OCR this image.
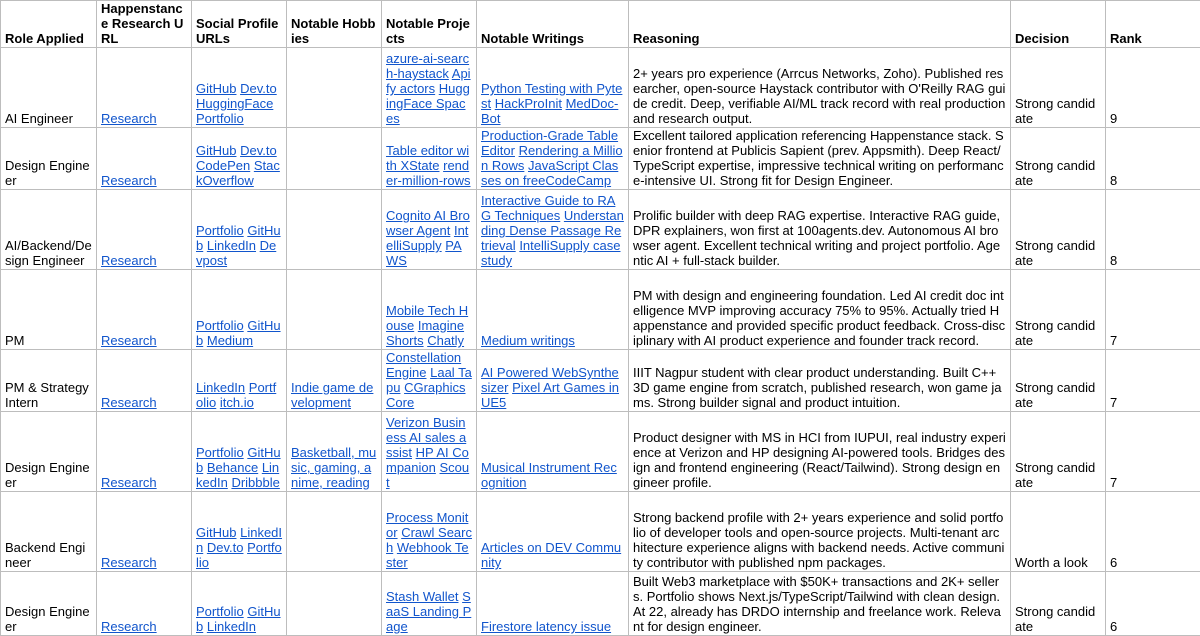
Role Applied	Happenstance Research URL	Social Profile URLs	Notable Hobbies	Notable Projects	Notable Writings	Reasoning	Decision	Rank
AI Engineer	Research	GitHub Dev.to HuggingFace Portfolio		azure-ai-search-haystack Apify actors HuggingFace Spaces	Python Testing with Pytest HackProInit MedDoc-Bot	2+ years pro experience (Arrcus Networks, Zoho). Published researcher, open-source Haystack contributor with O'Reilly RAG guide credit. Deep, verifiable AI/ML track record with real production and research output.	Strong candidate	9
Design Engineer	Research	GitHub Dev.to CodePen StackOverflow		Table editor with XState render-million-rows	Production-Grade Table Editor Rendering a Million Rows JavaScript Classes on freeCodeCamp	Excellent tailored application referencing Happenstance stack. Senior frontend at Publicis Sapient (prev. Appsmith). Deep React/TypeScript expertise, impressive technical writing on performance-intensive UI. Strong fit for Design Engineer.	Strong candidate	8
AI/Backend/Design Engineer	Research	Portfolio GitHub LinkedIn Devpost		Cognito AI Browser Agent IntelliSupply PAWS	Interactive Guide to RAG Techniques Understanding Dense Passage Retrieval IntelliSupply case study	Prolific builder with deep RAG expertise. Interactive RAG guide, DPR explainers, won first at 100agents.dev. Autonomous AI browser agent. Excellent technical writing and project portfolio. Agentic AI + full-stack builder.	Strong candidate	8
PM	Research	Portfolio GitHub Medium		Mobile Tech House Imagine Shorts Chatly	Medium writings	PM with design and engineering foundation. Led AI credit doc intelligence MVP improving accuracy 75% to 95%. Actually tried Happenstance and provided specific product feedback. Cross-disciplinary with AI product experience and founder track record.	Strong candidate	7
PM & Strategy Intern	Research	LinkedIn Portfolio itch.io	Indie game development	Constellation Engine Laal Tapu CGraphicsCore	AI Powered WebSynthesizer Pixel Art Games in UE5	IIIT Nagpur student with clear product understanding. Built C++ 3D game engine from scratch, published research, won game jams. Strong builder signal and product intuition.	Strong candidate	7
Design Engineer	Research	Portfolio GitHub Behance LinkedIn Dribbble	Basketball, music, gaming, anime, reading	Verizon Business AI sales assist HP AI Companion Scout	Musical Instrument Recognition	Product designer with MS in HCI from IUPUI, real industry experience at Verizon and HP designing AI-powered tools. Bridges design and frontend engineering (React/Tailwind). Strong design engineer profile.	Strong candidate	7
Backend Engineer	Research	GitHub LinkedIn Dev.to Portfolio		Process Monitor Crawl Search Webhook Tester	Articles on DEV Community	Strong backend profile with 2+ years experience and solid portfolio of developer tools and open-source projects. Multi-tenant architecture experience aligns with backend needs. Active community contributor with published npm packages.	Worth a look	6
Design Engineer	Research	Portfolio GitHub LinkedIn		Stash Wallet SaaS Landing Page	Firestore latency issue	Built Web3 marketplace with $50K+ transactions and 2K+ sellers. Portfolio shows Next.js/TypeScript/Tailwind with clean design. At 22, already has DRDO internship and freelance work. Relevant for design engineer.	Strong candidate	6
